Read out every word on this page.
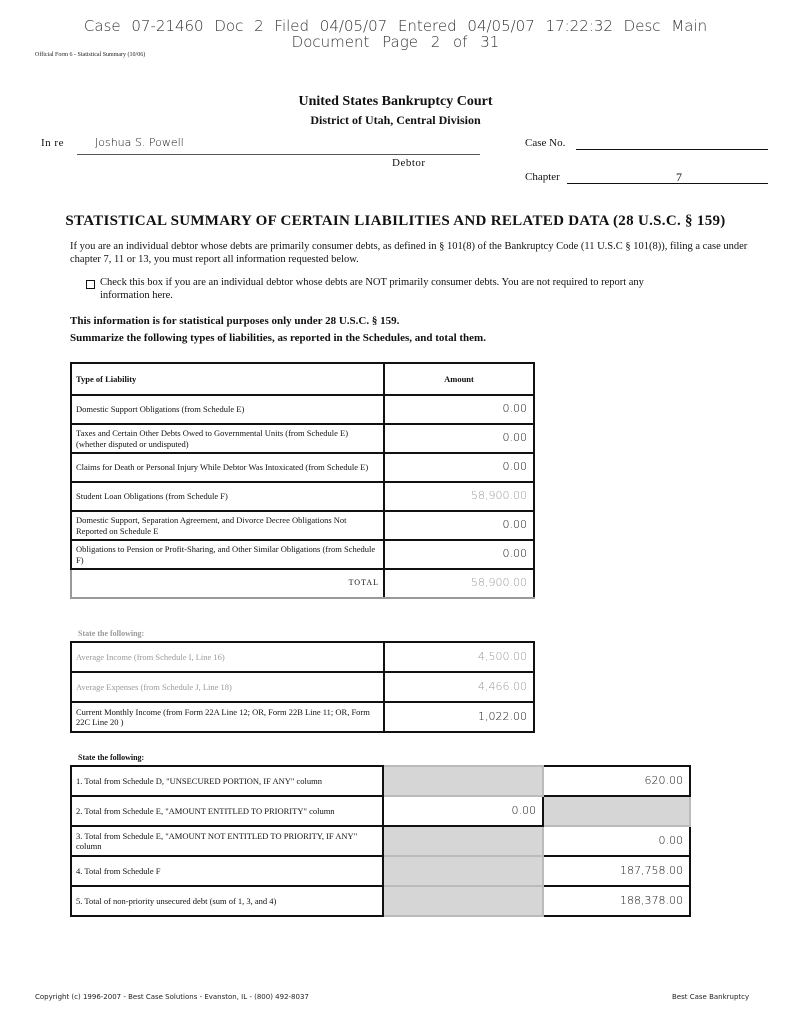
Case 07-21460 Doc 2 Filed 04/05/07 Entered 04/05/07 17:22:32 Desc Main
Document Page 2 of 31
Official Form 6 - Statistical Summary (10/06)
United States Bankruptcy Court
District of Utah, Central Division
In re	Joshua S. Powell
Debtor
Case No.
Chapter	7
STATISTICAL SUMMARY OF CERTAIN LIABILITIES AND RELATED DATA (28 U.S.C. § 159)
If you are an individual debtor whose debts are primarily consumer debts, as defined in § 101(8) of the Bankruptcy Code (11 U.S.C § 101(8)), filing a case under chapter 7, 11 or 13, you must report all information requested below.
Check this box if you are an individual debtor whose debts are NOT primarily consumer debts. You are not required to report any information here.
This information is for statistical purposes only under 28 U.S.C. § 159.
Summarize the following types of liabilities, as reported in the Schedules, and total them.
Type of Liability	Amount
Domestic Support Obligations (from Schedule E)	0.00
Taxes and Certain Other Debts Owed to Governmental Units (from Schedule E) (whether disputed or undisputed)	0.00
Claims for Death or Personal Injury While Debtor Was Intoxicated (from Schedule E)	0.00
Student Loan Obligations (from Schedule F)	58,900.00
Domestic Support, Separation Agreement, and Divorce Decree Obligations Not Reported on Schedule E	0.00
Obligations to Pension or Profit-Sharing, and Other Similar Obligations (from Schedule F)	0.00
TOTAL	58,900.00
State the following:
Average Income (from Schedule I, Line 16)	4,500.00
Average Expenses (from Schedule J, Line 18)	4,466.00
Current Monthly Income (from Form 22A Line 12; OR, Form 22B Line 11; OR, Form 22C Line 20 )	1,022.00
State the following:
1. Total from Schedule D, "UNSECURED PORTION, IF ANY" column		620.00
2. Total from Schedule E, "AMOUNT ENTITLED TO PRIORITY" column	0.00	
3. Total from Schedule E, "AMOUNT NOT ENTITLED TO PRIORITY, IF ANY" column		0.00
4. Total from Schedule F		187,758.00
5. Total of non-priority unsecured debt (sum of 1, 3, and 4)		188,378.00
Copyright (c) 1996-2007 - Best Case Solutions - Evanston, IL - (800) 492-8037	Best Case Bankruptcy
